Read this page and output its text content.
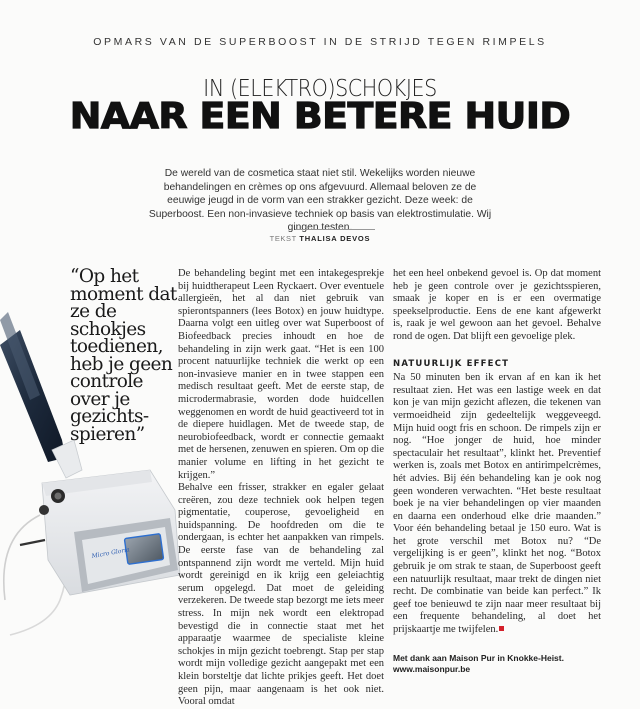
OPMARS VAN DE SUPERBOOST IN DE STRIJD TEGEN RIMPELS
IN (ELEKTRO)SCHOKJES
NAAR EEN BETERE HUID
De wereld van de cosmetica staat niet stil. Wekelijks worden nieuwe behandelingen en crèmes op ons afgevuurd. Allemaal beloven ze de eeuwige jeugd in de vorm van een strakker gezicht. Deze week: de Superboost. Een non-invasieve techniek op basis van elektrostimulatie. Wij gingen testen.
TEKST THALISA DEVOS
Micro Gloria
“Op het moment dat ze de schokjes toedienen, heb je geen controle over je gezichts-spieren”

De behandeling begint met een intakegesprekje bij huidtherapeut Leen Ryckaert. Over eventuele allergieën, het al dan niet gebruik van spierontspanners (lees Botox) en jouw huidtype. Daarna volgt een uitleg over wat Superboost of Biofeedback precies inhoudt en hoe de behandeling in zijn werk gaat. “Het is een 100 procent natuurlijke techniek die werkt op een non-invasieve manier en in twee stappen een medisch resultaat geeft. Met de eerste stap, de microdermabrasie, worden dode huidcellen weggenomen en wordt de huid geactiveerd tot in de diepere huidlagen. Met de tweede stap, de neurobiofeedback, wordt er connectie gemaakt met de hersenen, zenuwen en spieren. Om op die manier volume en lifting in het gezicht te krijgen.”

Behalve een frisser, strakker en egaler gelaat creëren, zou deze techniek ook helpen tegen pigmentatie, couperose, gevoeligheid en huidspanning. De hoofdreden om die te ondergaan, is echter het aanpakken van rimpels. De eerste fase van de behandeling zal ontspannend zijn wordt me verteld. Mijn huid wordt gereinigd en ik krijg een geleiachtig serum opgelegd. Dat moet de geleiding verzekeren. De tweede stap bezorgt me iets meer stress. In mijn nek wordt een elektropad bevestigd die in connectie staat met het apparaatje waarmee de specialiste kleine schokjes in mijn gezicht toebrengt. Stap per stap wordt mijn volledige gezicht aangepakt met een klein borsteltje dat lichte prikjes geeft. Het doet geen pijn, maar aangenaam is het ook niet. Vooral omdat

het een heel onbekend gevoel is. Op dat moment heb je geen controle over je gezichtsspieren, smaak je koper en is er een overmatige speekselproductie. Eens de ene kant afgewerkt is, raak je wel gewoon aan het gevoel. Behalve rond de ogen. Dat blijft een gevoelige plek.

NATUURLIJK EFFECT

Na 50 minuten ben ik ervan af en kan ik het resultaat zien. Het was een lastige week en dat kon je van mijn gezicht aflezen, die tekenen van vermoeidheid zijn gedeeltelijk weggeveegd. Mijn huid oogt fris en schoon. De rimpels zijn er nog. “Hoe jonger de huid, hoe minder spectaculair het resultaat”, klinkt het. Preventief werken is, zoals met Botox en antirimpelcrèmes, hét advies. Bij één behandeling kan je ook nog geen wonderen verwachten. “Het beste resultaat boek je na vier behandelingen op vier maanden en daarna een onderhoud elke drie maanden.” Voor één behandeling betaal je 150 euro. Wat is het grote verschil met Botox nu? “De vergelijking is er geen”, klinkt het nog. “Botox gebruik je om strak te staan, de Superboost geeft een natuurlijk resultaat, maar trekt de dingen niet recht. De combinatie van beide kan perfect.” Ik geef toe benieuwd te zijn naar meer resultaat bij een frequente behandeling, al doet het prijskaartje me twijfelen.

Met dank aan Maison Pur in Knokke-Heist.
www.maisonpur.be
